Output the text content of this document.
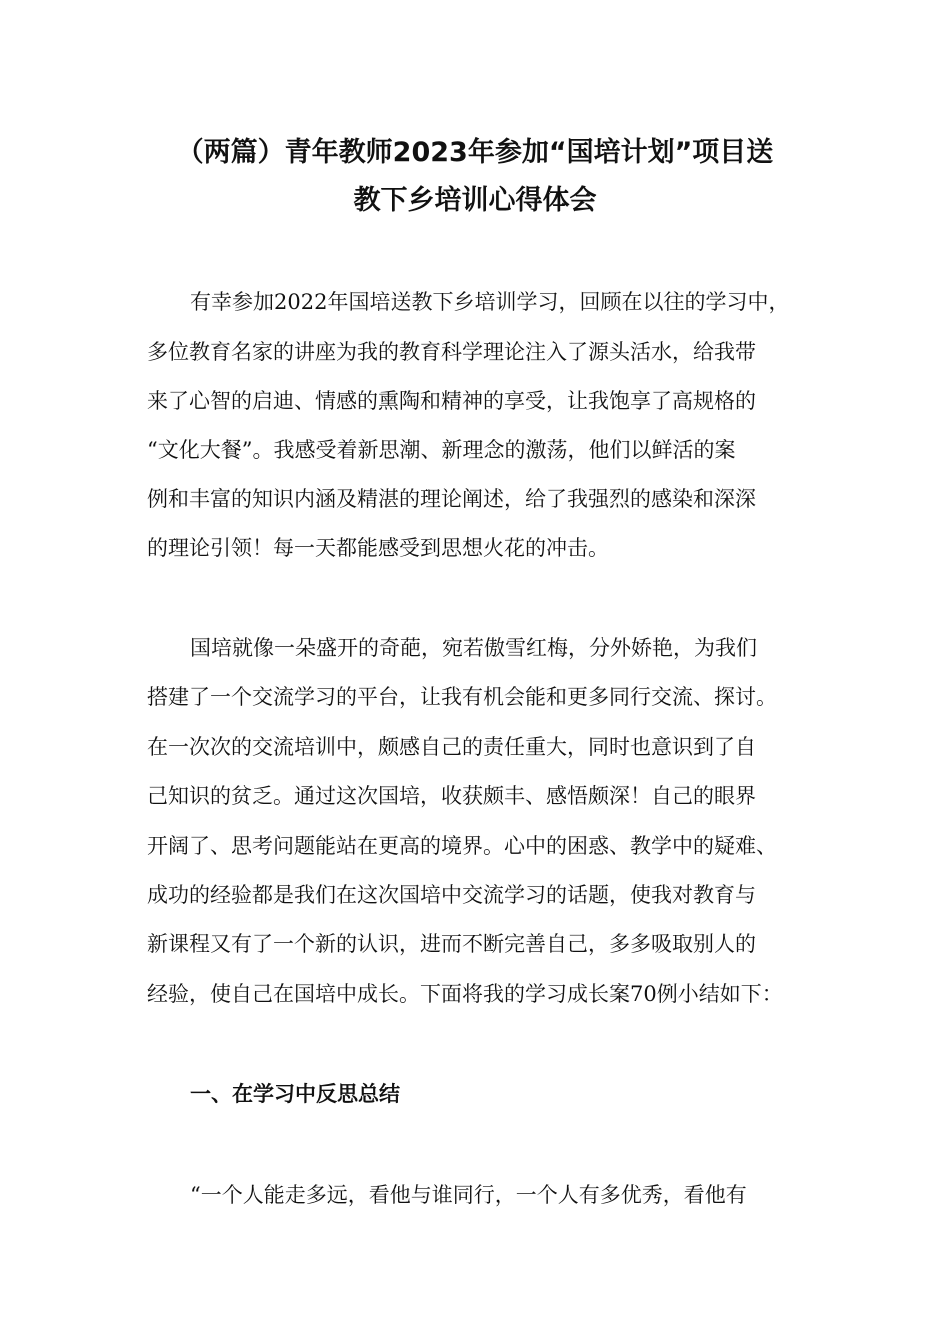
（两篇）青年教师2023年参加“国培计划”项目送
教下乡培训心得体会
有幸参加2022年国培送教下乡培训学习，回顾在以往的学习中，
多位教育名家的讲座为我的教育科学理论注入了源头活水，给我带
来了心智的启迪、情感的熏陶和精神的享受，让我饱享了高规格的
“文化大餐”。我感受着新思潮、新理念的激荡，他们以鲜活的案
例和丰富的知识内涵及精湛的理论阐述，给了我强烈的感染和深深
的理论引领！每一天都能感受到思想火花的冲击。
国培就像一朵盛开的奇葩，宛若傲雪红梅，分外娇艳，为我们
搭建了一个交流学习的平台，让我有机会能和更多同行交流、探讨。
在一次次的交流培训中，颇感自己的责任重大，同时也意识到了自
己知识的贫乏。通过这次国培，收获颇丰、感悟颇深！自己的眼界
开阔了、思考问题能站在更高的境界。心中的困惑、教学中的疑难、
成功的经验都是我们在这次国培中交流学习的话题，使我对教育与
新课程又有了一个新的认识，进而不断完善自己，多多吸取别人的
经验，使自己在国培中成长。下面将我的学习成长案70例小结如下：
一、在学习中反思总结
“一个人能走多远，看他与谁同行，一个人有多优秀，看他有
